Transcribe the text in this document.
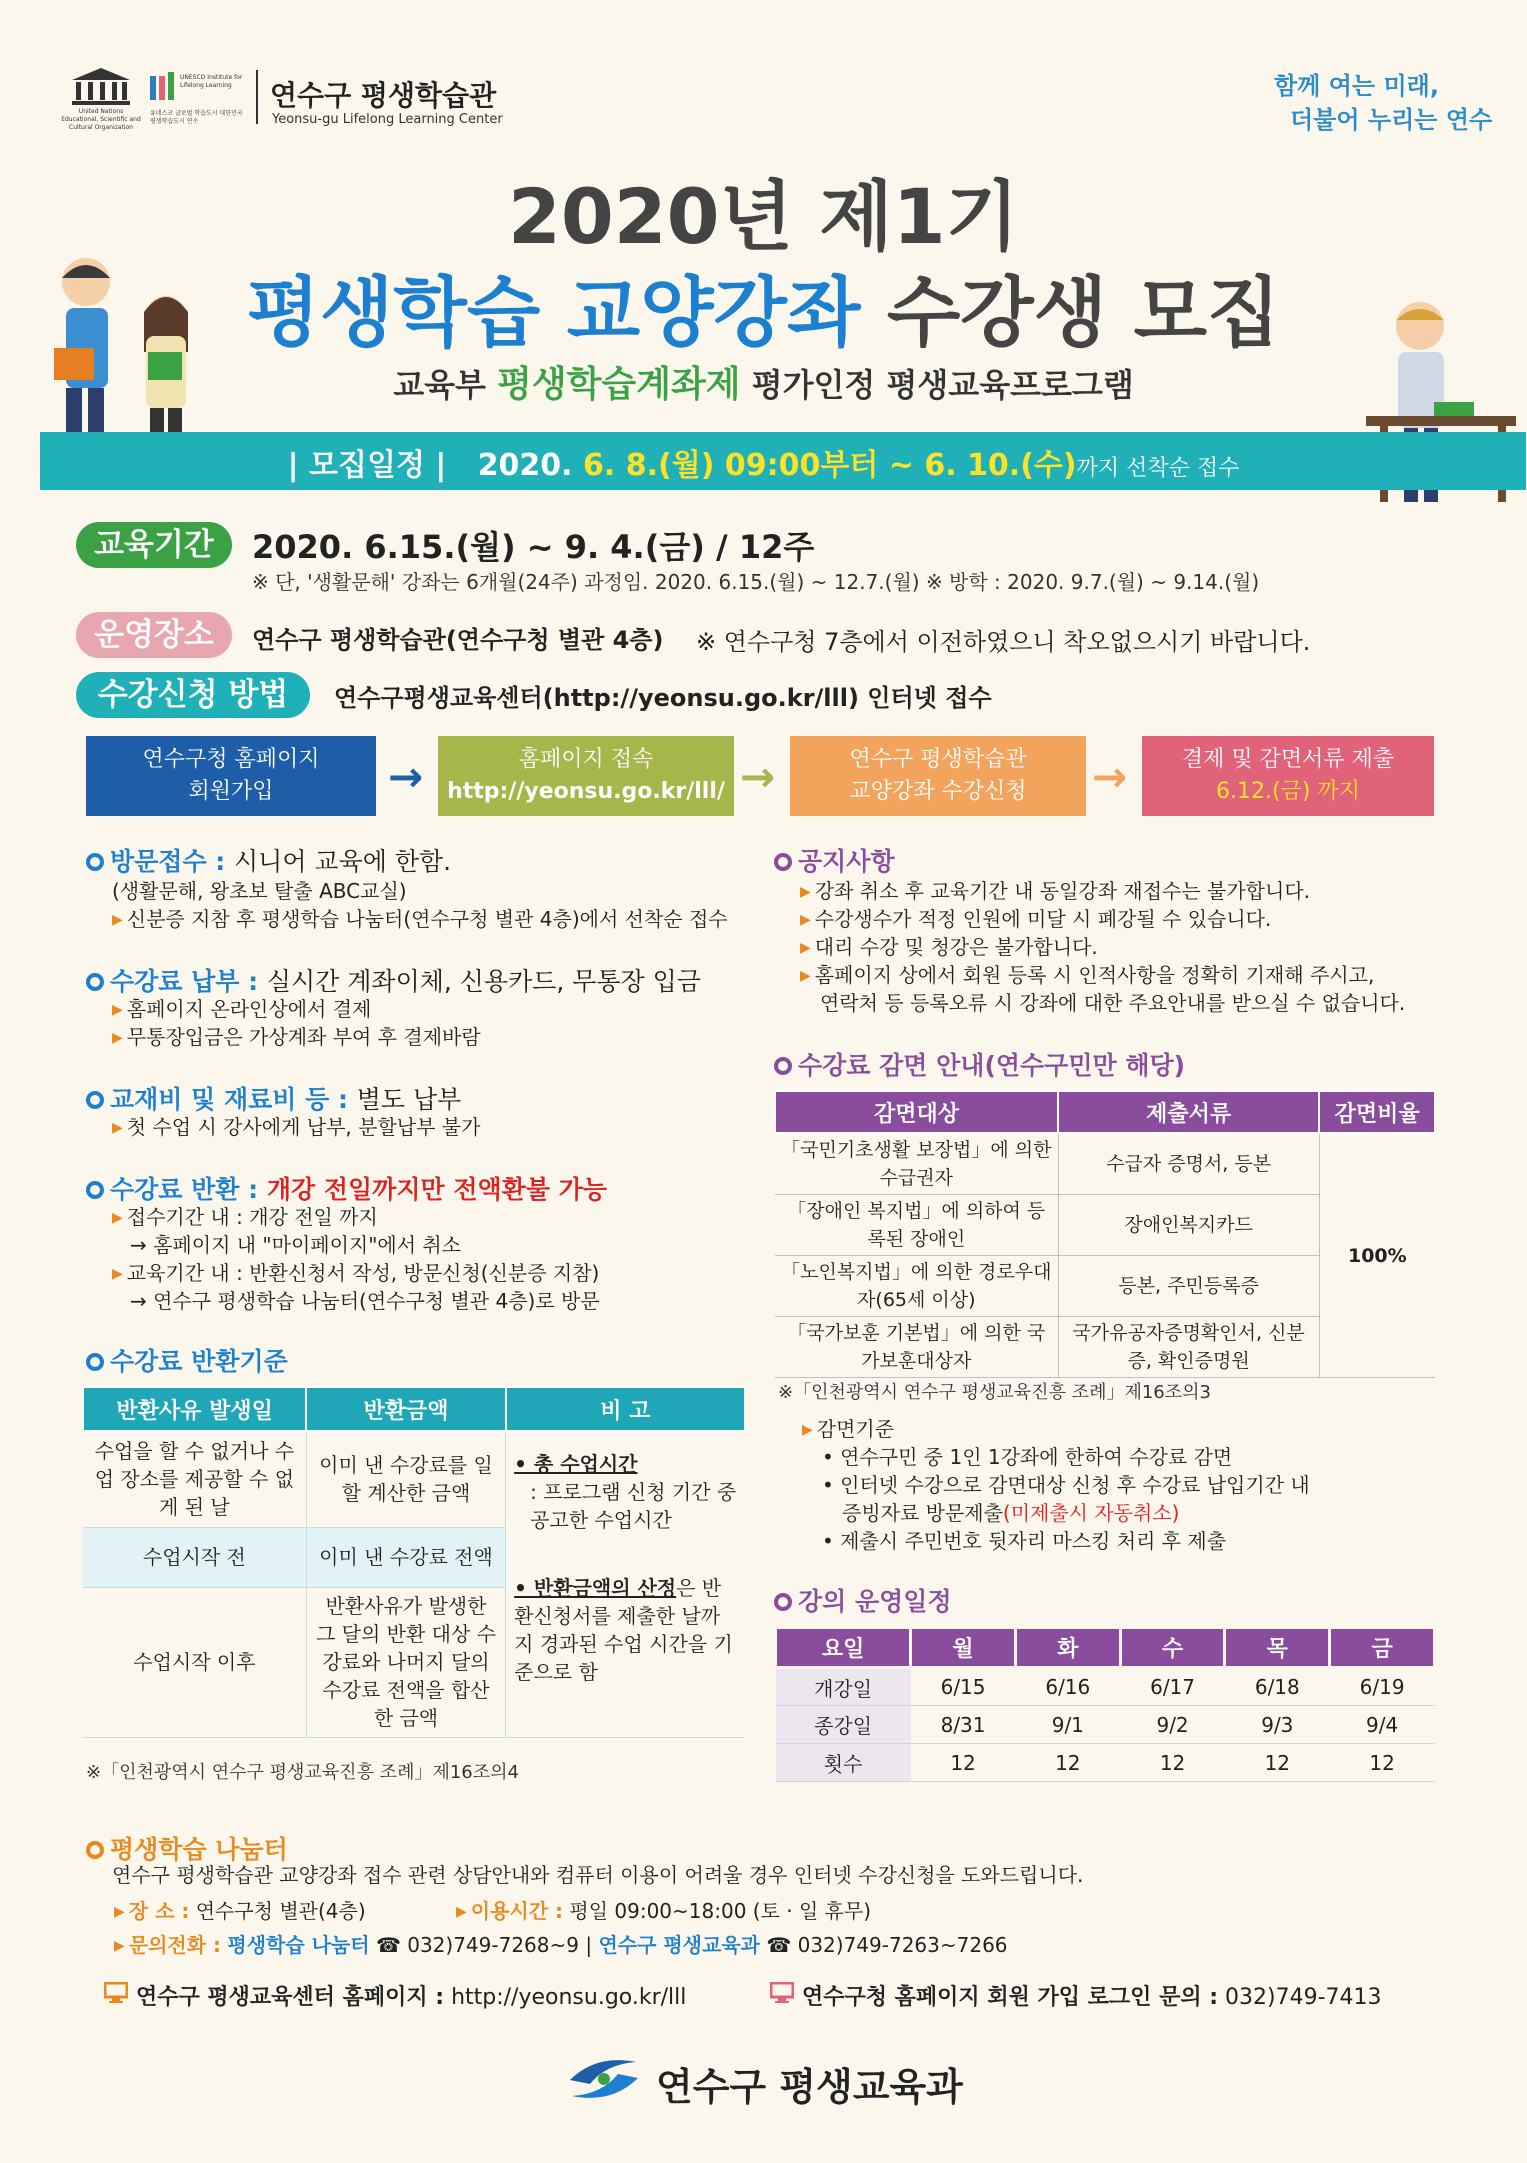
United Nations Educational, Scientific and Cultural Organization
UNESCO Institute for Lifelong Learning
유네스코 글로벌 학습도시 대한민국 평생학습도시 연수
연수구 평생학습관
Yeonsu-gu Lifelong Learning Center
함께 여는 미래,
더불어 누리는 연수
2020년 제1기
평생학습 교양강좌 수강생 모집
교육부 평생학습계좌제 평가인정 평생교육프로그램
| 모집일정 | 2020. 6. 8.(월) 09:00부터 ~ 6. 10.(수)까지 선착순 접수
교육기간	2020. 6.15.(월) ~ 9. 4.(금) / 12주
※ 단, '생활문해' 강좌는 6개월(24주) 과정임. 2020. 6.15.(월) ~ 12.7.(월) ※ 방학 : 2020. 9.7.(월) ~ 9.14.(월)
운영장소	연수구 평생학습관(연수구청 별관 4층) ※ 연수구청 7층에서 이전하였으니 착오없으시기 바랍니다.
수강신청 방법	연수구평생교육센터(http://yeonsu.go.kr/lll) 인터넷 접수
연수구청 홈페이지
회원가입	→	홈페이지 접속
http://yeonsu.go.kr/lll/ →	연수구 평생학습관
교양강좌 수강신청	→	결제 및 감면서류 제출
6.12.(금) 까지
방문접수 : 시니어 교육에 한함.
(생활문해, 왕초보 탈출 ABC교실)
▶ 신분증 지참 후 평생학습 나눔터(연수구청 별관 4층)에서 선착순 접수
수강료 납부 : 실시간 계좌이체, 신용카드, 무통장 입금
▶ 홈페이지 온라인상에서 결제
▶ 무통장입금은 가상계좌 부여 후 결제바람
교재비 및 재료비 등 : 별도 납부
▶ 첫 수업 시 강사에게 납부, 분할납부 불가
수강료 반환 : 개강 전일까지만 전액환불 가능
▶ 접수기간 내 : 개강 전일 까지
→ 홈페이지 내 "마이페이지"에서 취소
▶ 교육기간 내 : 반환신청서 작성, 방문신청(신분증 지참)
→ 연수구 평생학습 나눔터(연수구청 별관 4층)로 방문
수강료 반환기준
반환사유 발생일	반환금액	비 고
수업을 할 수 없거나 수업 장소를 제공할 수 없게 된 날	이미 낸 수강료를 일할 계산한 금액	• 총 수업시간
: 프로그램 신청 기간 중 공고한 수업시간
• 반환금액의 산정은 반환신청서를 제출한 날까지 경과된 수업 시간을 기준으로 함

수업시작 전	이미 낸 수강료 전액	
수업시작 이후	반환사유가 발생한 그 달의 반환 대상 수강료와 나머지 달의 수강료 전액을 합산한 금액	
※「인천광역시 연수구 평생교육진흥 조례」제16조의4
공지사항
▶ 강좌 취소 후 교육기간 내 동일강좌 재접수는 불가합니다.
▶ 수강생수가 적정 인원에 미달 시 폐강될 수 있습니다.
▶ 대리 수강 및 청강은 불가합니다.
▶ 홈페이지 상에서 회원 등록 시 인적사항을 정확히 기재해 주시고,
연락처 등 등록오류 시 강좌에 대한 주요안내를 받으실 수 없습니다.
수강료 감면 안내(연수구민만 해당)
감면대상	제출서류	감면비율
「국민기초생활 보장법」에 의한 수급권자	수급자 증명서, 등본	100%
「장애인 복지법」에 의하여 등록된 장애인	장애인복지카드	
「노인복지법」에 의한 경로우대자(65세 이상)	등본, 주민등록증	
「국가보훈 기본법」에 의한 국가보훈대상자	국가유공자증명확인서, 신분증, 확인증명원	
※「인천광역시 연수구 평생교육진흥 조례」제16조의3
▶ 감면기준
• 연수구민 중 1인 1강좌에 한하여 수강료 감면
• 인터넷 수강으로 감면대상 신청 후 수강료 납입기간 내
증빙자료 방문제출(미제출시 자동취소)
• 제출시 주민번호 뒷자리 마스킹 처리 후 제출
강의 운영일정
요일	월	화	수	목	금
개강일	6/15	6/16	6/17	6/18	6/19
종강일	8/31	9/1	9/2	9/3	9/4
횟수	12	12	12	12	12
평생학습 나눔터
연수구 평생학습관 교양강좌 접수 관련 상담안내와 컴퓨터 이용이 어려울 경우 인터넷 수강신청을 도와드립니다.
▶ 장 소 : 연수구청 별관(4층)	▶ 이용시간 : 평일 09:00~18:00 (토 · 일 휴무)
▶ 문의전화 : 평생학습 나눔터 ☎ 032)749-7268~9 | 연수구 평생교육과 ☎ 032)749-7263~7266
연수구 평생교육센터 홈페이지 : http://yeonsu.go.kr/lll	연수구청 홈페이지 회원 가입 로그인 문의 : 032)749-7413
연수구 평생교육과
